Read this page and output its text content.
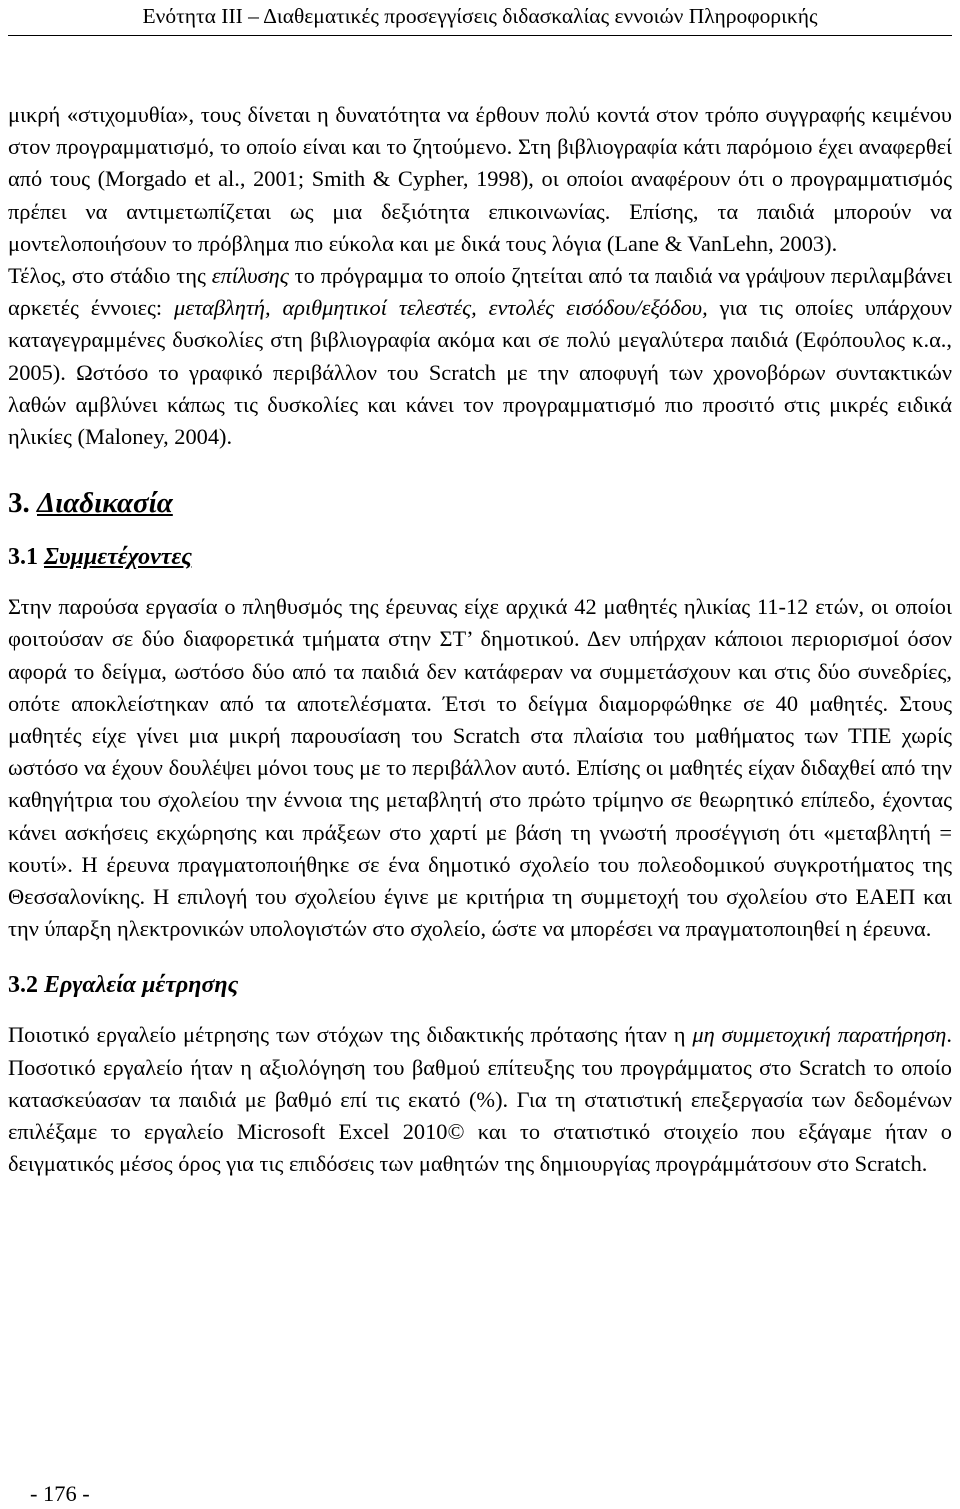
Ενότητα ΙΙΙ – Διαθεματικές προσεγγίσεις διδασκαλίας εννοιών Πληροφορικής

μικρή «στιχομυθία», τους δίνεται η δυνατότητα να έρθουν πολύ κοντά στον τρόπο συγγραφής κειμένου στον προγραμματισμό, το οποίο είναι και το ζητούμενο. Στη βιβλιογραφία κάτι παρόμοιο έχει αναφερθεί από τους (Morgado et al., 2001; Smith & Cypher, 1998), οι οποίοι αναφέρουν ότι ο προγραμματισμός πρέπει να αντιμετωπίζεται ως μια δεξιότητα επικοινωνίας. Επίσης, τα παιδιά μπορούν να μοντελοποιήσουν το πρόβλημα πιο εύκολα και με δικά τους λόγια (Lane & VanLehn, 2003).

Τέλος, στο στάδιο της επίλυσης το πρόγραμμα το οποίο ζητείται από τα παιδιά να γράψουν περιλαμβάνει αρκετές έννοιες: μεταβλητή, αριθμητικοί τελεστές, εντολές εισόδου/εξόδου, για τις οποίες υπάρχουν καταγεγραμμένες δυσκολίες στη βιβλιογραφία ακόμα και σε πολύ μεγαλύτερα παιδιά (Εφόπουλος κ.α., 2005). Ωστόσο το γραφικό περιβάλλον του Scratch με την αποφυγή των χρονοβόρων συντακτικών λαθών αμβλύνει κάπως τις δυσκολίες και κάνει τον προγραμματισμό πιο προσιτό στις μικρές ειδικά ηλικίες (Maloney, 2004).

3. Διαδικασία
3.1 Συμμετέχοντες

Στην παρούσα εργασία ο πληθυσμός της έρευνας είχε αρχικά 42 μαθητές ηλικίας 11-12 ετών, οι οποίοι φοιτούσαν σε δύο διαφορετικά τμήματα στην ΣΤ’ δημοτικού. Δεν υπήρχαν κάποιοι περιορισμοί όσον αφορά το δείγμα, ωστόσο δύο από τα παιδιά δεν κατάφεραν να συμμετάσχουν και στις δύο συνεδρίες, οπότε αποκλείστηκαν από τα αποτελέσματα. Έτσι το δείγμα διαμορφώθηκε σε 40 μαθητές. Στους μαθητές είχε γίνει μια μικρή παρουσίαση του Scratch στα πλαίσια του μαθήματος των ΤΠΕ χωρίς ωστόσο να έχουν δουλέψει μόνοι τους με το περιβάλλον αυτό. Επίσης οι μαθητές είχαν διδαχθεί από την καθηγήτρια του σχολείου την έννοια της μεταβλητή στο πρώτο τρίμηνο σε θεωρητικό επίπεδο, έχοντας κάνει ασκήσεις εκχώρησης και πράξεων στο χαρτί με βάση τη γνωστή προσέγγιση ότι «μεταβλητή = κουτί». Η έρευνα πραγματοποιήθηκε σε ένα δημοτικό σχολείο του πολεοδομικού συγκροτήματος της Θεσσαλονίκης. Η επιλογή του σχολείου έγινε με κριτήρια τη συμμετοχή του σχολείου στο ΕΑΕΠ και την ύπαρξη ηλεκτρονικών υπολογιστών στο σχολείο, ώστε να μπορέσει να πραγματοποιηθεί η έρευνα.

3.2 Εργαλεία μέτρησης

Ποιοτικό εργαλείο μέτρησης των στόχων της διδακτικής πρότασης ήταν η μη συμμετοχική παρατήρηση. Ποσοτικό εργαλείο ήταν η αξιολόγηση του βαθμού επίτευξης του προγράμματος στο Scratch το οποίο κατασκεύασαν τα παιδιά με βαθμό επί τις εκατό (%). Για τη στατιστική επεξεργασία των δεδομένων επιλέξαμε το εργαλείο Microsoft Excel 2010© και το στατιστικό στοιχείο που εξάγαμε ήταν ο δειγματικός μέσος όρος για τις επιδόσεις των μαθητών της δημιουργίας προγράμμάτσουν στο Scratch.

- 176 -
